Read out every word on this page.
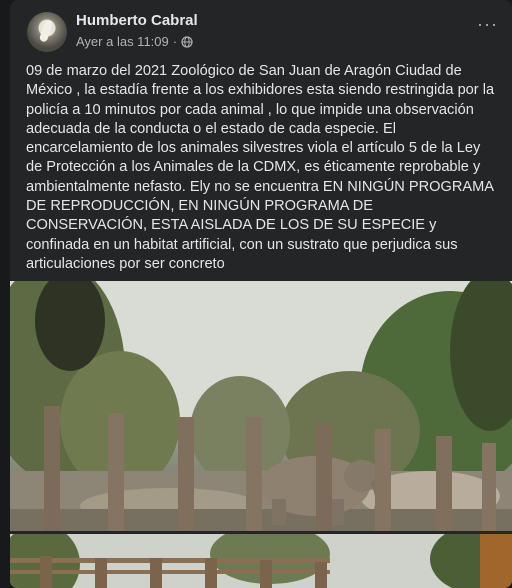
Humberto Cabral
Ayer a las 11:09 ·
···

09 de marzo del 2021 Zoológico de San Juan de Aragón Ciudad de México , la estadía frente a los exhibidores esta siendo restringida por la policía a 10 minutos por cada animal , lo que impide una observación adecuada de la conducta o el estado de cada especie. El encarcelamiento de los animales silvestres viola el artículo 5 de la Ley de Protección a los Animales de la CDMX, es éticamente reprobable y ambientalmente nefasto. Ely no se encuentra EN NINGÚN PROGRAMA DE REPRODUCCIÓN, EN NINGÚN PROGRAMA DE CONSERVACIÓN, ESTA AISLADA DE LOS DE SU ESPECIE y confinada en un habitat artificial, con un sustrato que perjudica sus articulaciones por ser concreto
